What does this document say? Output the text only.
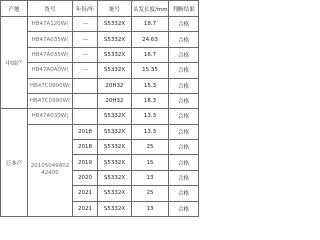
产地	货号	年份/年	批号	头发长度/mm	判断结果
中国产	HB47A120W(	一	S5332X	18.7	合格
	HB47A035W(	一	S5332X	24.63	合格
	HB47A035W(	一	S5332X	16.7	合格
	HB47A0A0W(	一	S5332X	15.35	合格
	HB47C0990W(		20H32	15.3	合格
	HB47C0990W(		20H32	18.3	合格
日本产	HB47A030W(		S5332X	13.3	合格
	20105049402 42400	2018	S5332X	13.3	合格
		2018	S5332X	25	合格
		2019	S5332X	15	合格
		2020	S5332X	13	合格
		2021	S5332X	25	合格
		2021	S5332X	13	合格
